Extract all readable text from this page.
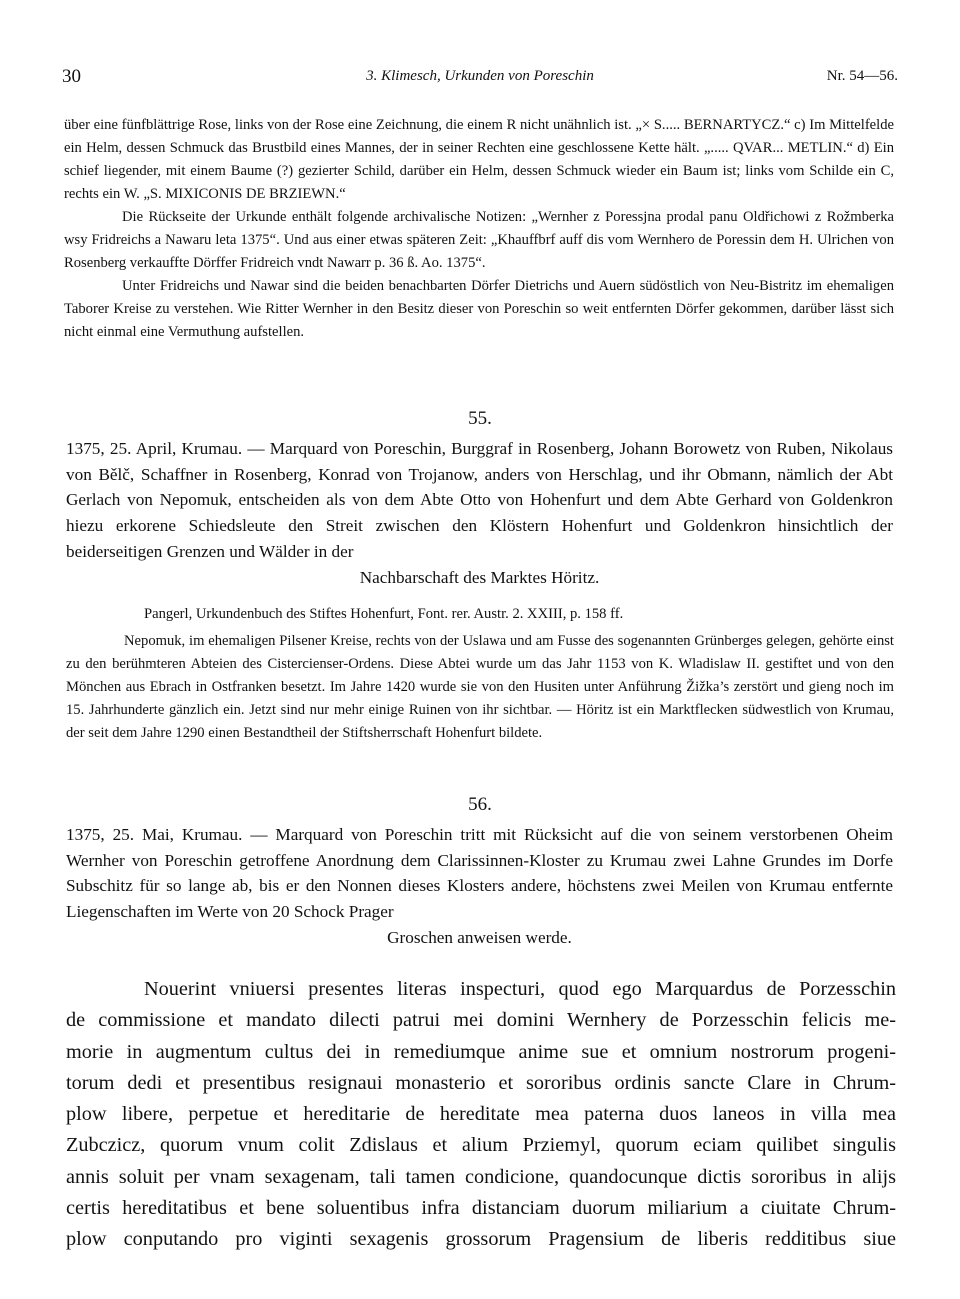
30	3. Klimesch, Urkunden von Poreschin	Nr. 54—56.

über eine fünfblättrige Rose, links von der Rose eine Zeichnung, die einem R nicht unähnlich ist. „× S..... BERNARTYCZ.“ c) Im Mittelfelde ein Helm, dessen Schmuck das Brustbild eines Mannes, der in seiner Rechten eine geschlossene Kette hält. „..... QVAR... METLIN.“ d) Ein schief liegender, mit einem Baume (?) gezierter Schild, darüber ein Helm, dessen Schmuck wieder ein Baum ist; links vom Schilde ein C, rechts ein W. „S. MIXICONIS DE BRZIEWN.“

Die Rückseite der Urkunde enthält folgende archivalische Notizen: „Wernher z Poressjna prodal panu Oldřichowi z Rožmberka wsy Fridreichs a Nawaru leta 1375“. Und aus einer etwas späteren Zeit: „Khauffbrf auff dis vom Wernhero de Poressin dem H. Ulrichen von Rosenberg verkauffte Dörffer Fridreich vndt Nawarr p. 36 ß. Ao. 1375“.

Unter Fridreichs und Nawar sind die beiden benachbarten Dörfer Dietrichs und Auern südöstlich von Neu-Bistritz im ehemaligen Taborer Kreise zu verstehen. Wie Ritter Wernher in den Besitz dieser von Poreschin so weit entfernten Dörfer gekommen, darüber lässt sich nicht einmal eine Vermuthung aufstellen.

55.

1375, 25. April, Krumau. — Marquard von Poreschin, Burggraf in Rosenberg, Johann Borowetz von Ruben, Nikolaus von Bělč, Schaffner in Rosenberg, Konrad von Trojanow, anders von Herschlag, und ihr Obmann, nämlich der Abt Gerlach von Nepomuk, entscheiden als von dem Abte Otto von Hohenfurt und dem Abte Gerhard von Goldenkron hiezu erkorene Schiedsleute den Streit zwischen den Klöstern Hohenfurt und Goldenkron hinsichtlich der beiderseitigen Grenzen und Wälder in der

Nachbarschaft des Marktes Höritz.

Pangerl, Urkundenbuch des Stiftes Hohenfurt, Font. rer. Austr. 2. XXIII, p. 158 ff.

Nepomuk, im ehemaligen Pilsener Kreise, rechts von der Uslawa und am Fusse des sogenannten Grünberges gelegen, gehörte einst zu den berühmteren Abteien des Cistercienser-Ordens. Diese Abtei wurde um das Jahr 1153 von K. Wladislaw II. gestiftet und von den Mönchen aus Ebrach in Ostfranken besetzt. Im Jahre 1420 wurde sie von den Husiten unter Anführung Žižka’s zerstört und gieng noch im 15. Jahrhunderte gänzlich ein. Jetzt sind nur mehr einige Ruinen von ihr sichtbar. — Höritz ist ein Marktflecken südwestlich von Krumau, der seit dem Jahre 1290 einen Bestandtheil der Stiftsherrschaft Hohenfurt bildete.

56.

1375, 25. Mai, Krumau. — Marquard von Poreschin tritt mit Rücksicht auf die von seinem verstorbenen Oheim Wernher von Poreschin getroffene Anordnung dem Clarissinnen-Kloster zu Krumau zwei Lahne Grundes im Dorfe Subschitz für so lange ab, bis er den Nonnen dieses Klosters andere, höchstens zwei Meilen von Krumau entfernte Liegenschaften im Werte von 20 Schock Prager

Groschen anweisen werde.

Nouerint vniuersi presentes literas inspecturi, quod ego Marquardus de Porzesschin
de commissione et mandato dilecti patrui mei domini Wernhery de Porzesschin felicis me-
morie in augmentum cultus dei in remediumque anime sue et omnium nostrorum progeni-
torum dedi et presentibus resignaui monasterio et sororibus ordinis sancte Clare in Chrum-
plow libere, perpetue et hereditarie de hereditate mea paterna duos laneos in villa mea
Zubczicz, quorum vnum colit Zdislaus et alium Przіemyl, quorum eciam quilibet singulis
annis soluit per vnam sexagenam, tali tamen condicione, quandocunque dictis sororibus in alijs
certis hereditatibus et bene soluentibus infra distanciam duorum miliarium a ciuitate Chrum-
plow conputando pro viginti sexagenis grossorum Pragensium de liberis redditibus siue
